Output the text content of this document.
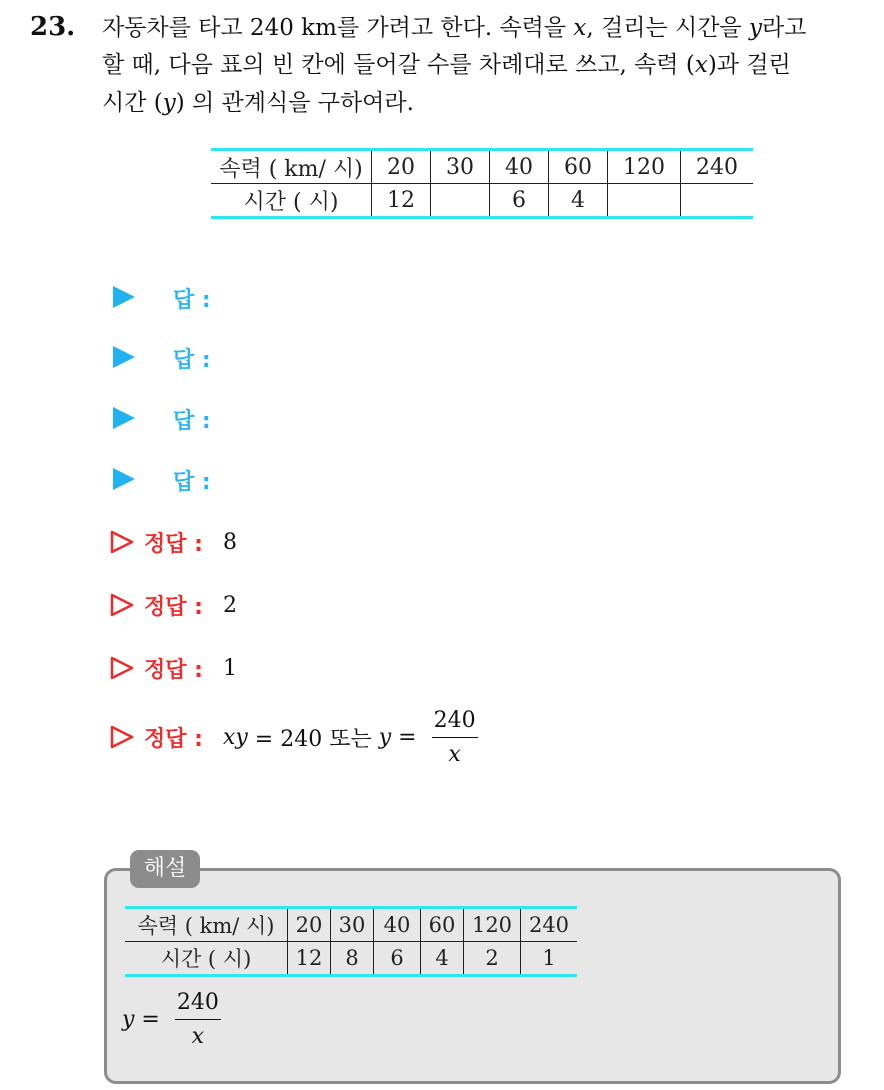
23. 자동차를 타고 240 km를 가려고 한다. 속력을 x, 걸리는 시간을 y라고
할 때, 다음 표의 빈 칸에 들어갈 수를 차례대로 쓰고, 속력 (x)과 걸린
시간 (y) 의 관계식을 구하여라.
속력 ( km/ 시)	20	30	40	60	120	240
시간 ( 시)	12		6	4		
답 :
답 :
답 :
답 :
정답 : 8
정답 : 2
정답 : 1
정답 : xy = 240 또는 $y = \frac{240}{x}$
해설
속력 ( km/ 시)	20	30	40	60	120	240
시간 ( 시)	12	8	6	4	2	1
$y = \frac{240}{x}$
